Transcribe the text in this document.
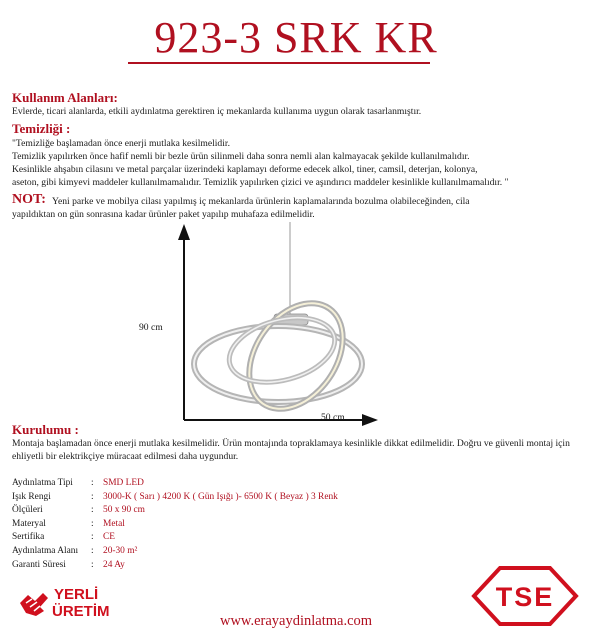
923-3 SRK KR
Kullanım Alanları:
Evlerde, ticari alanlarda, etkili aydınlatma gerektiren iç mekanlarda kullanıma uygun olarak tasarlanmıştır.
Temizliği :
"Temizliğe başlamadan önce enerji mutlaka kesilmelidir.
Temizlik yapılırken önce hafif nemli bir bezle ürün silinmeli daha sonra nemli alan kalmayacak şekilde kullanılmalıdır.
Kesinlikle ahşabın cilasını ve metal parçalar üzerindeki kaplamayı deforme edecek alkol, tiner, camsil, deterjan, kolonya,
aseton, gibi kimyevi maddeler kullanılmamalıdır. Temizlik yapılırken çizici ve aşındırıcı maddeler kesinlikle kullanılmamalıdır. "
NOT: Yeni parke ve mobilya cilası yapılmış iç mekanlarda ürünlerin kaplamalarında bozulma olabileceğinden, cila
yapıldıktan on gün sonrasına kadar ürünler paket yapılıp muhafaza edilmelidir.
90 cm
50 cm
Kurulumu :
Montaja başlamadan önce enerji mutlaka kesilmelidir. Ürün montajında topraklamaya kesinlikle dikkat edilmelidir. Doğru ve güvenli montaj için ehliyetli bir elektrikçiye müracaat edilmesi daha uygundur.
Aydınlatma Tipi	: SMD LED
Işık Rengi	: 3000-K ( Sarı ) 4200 K ( Gün Işığı )- 6500 K ( Beyaz ) 3 Renk
Ölçüleri	: 50 x 90 cm
Materyal	: Metal
Sertifika	: CE
Aydınlatma Alanı	: 20-30 m²
Garanti Süresi	: 24 Ay
YERLİ
ÜRETİM	TSE
www.erayaydinlatma.com
